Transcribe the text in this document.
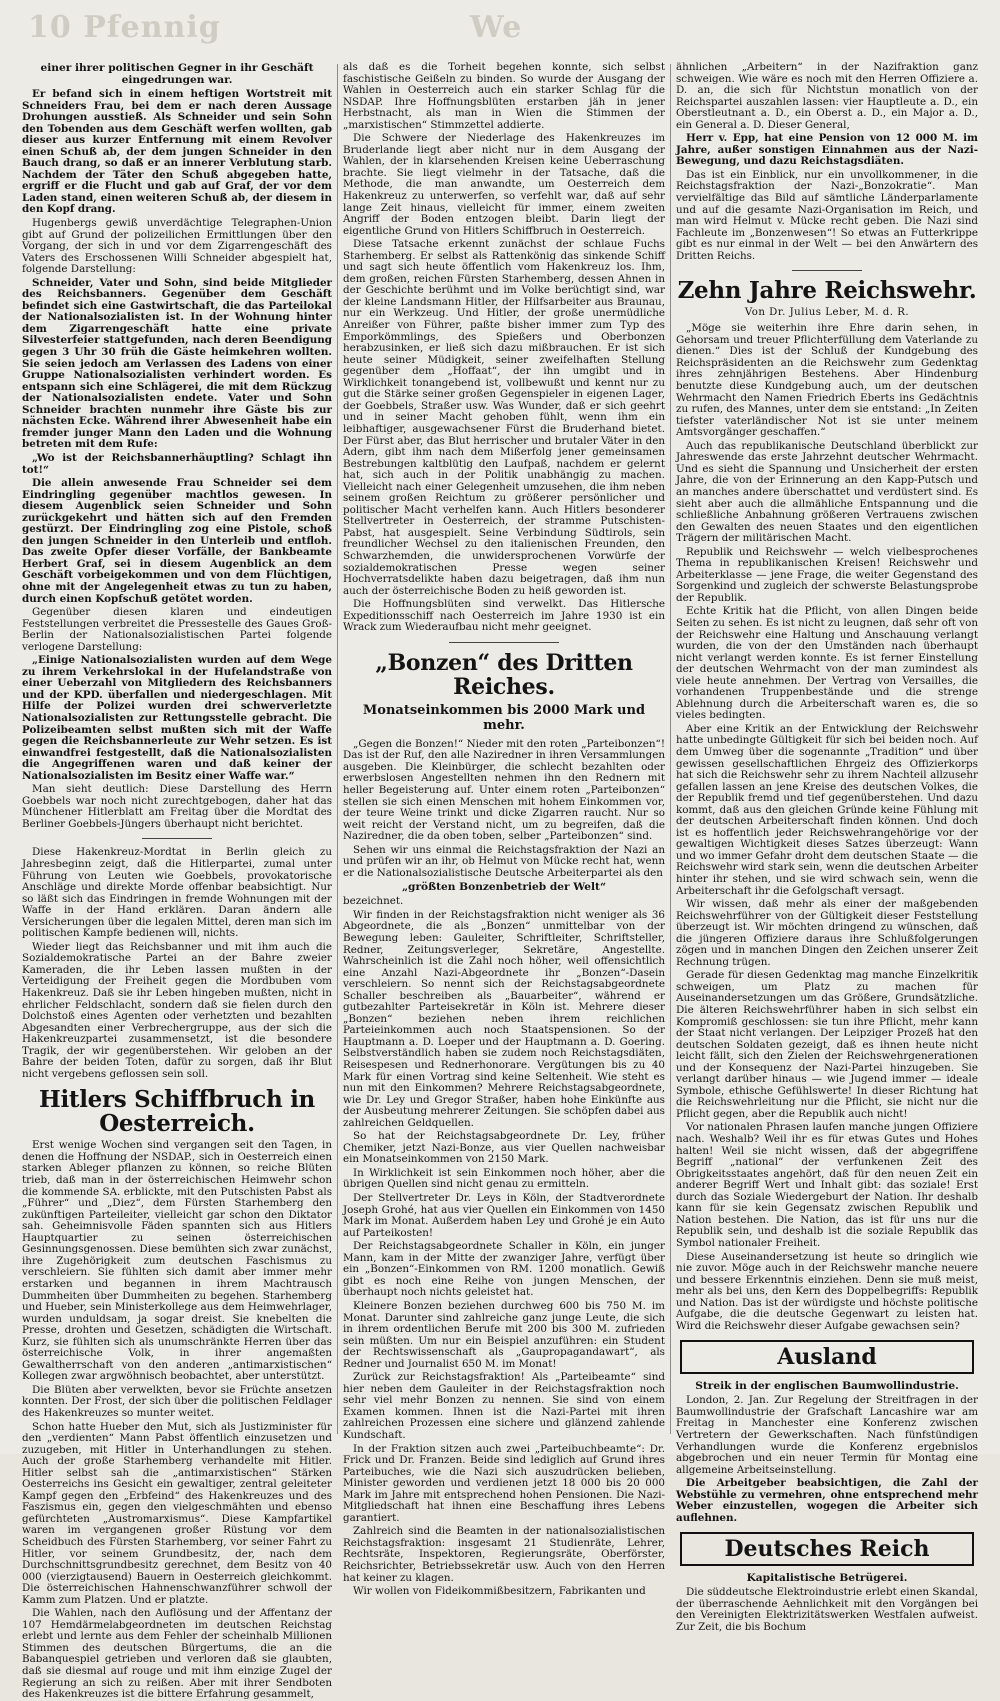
10 Pfennig	We
einer ihrer politischen Gegner in ihr Geschäft eingedrungen war.

Er befand sich in einem heftigen Wortstreit mit Schneiders Frau, bei dem er nach deren Aussage Drohungen ausstieß. Als Schneider und sein Sohn den Tobenden aus dem Geschäft werfen wollten, gab dieser aus kurzer Entfernung mit einem Revolver einen Schuß ab, der dem jungen Schneider in den Bauch drang, so daß er an innerer Verblutung starb. Nachdem der Täter den Schuß abgegeben hatte, ergriff er die Flucht und gab auf Graf, der vor dem Laden stand, einen weiteren Schuß ab, der diesem in den Kopf drang.

Hugenbergs gewiß unverdächtige Telegraphen-Union gibt auf Grund der polizeilichen Ermittlungen über den Vorgang, der sich in und vor dem Zigarrengeschäft des Vaters des Erschossenen Willi Schneider abgespielt hat, folgende Darstellung:

Schneider, Vater und Sohn, sind beide Mitglieder des Reichsbanners. Gegenüber dem Geschäft befindet sich eine Gastwirtschaft, die das Parteilokal der Nationalsozialisten ist. In der Wohnung hinter dem Zigarrengeschäft hatte eine private Silvesterfeier stattgefunden, nach deren Beendigung gegen 3 Uhr 30 früh die Gäste heimkehren wollten. Sie seien jedoch am Verlassen des Ladens von einer Gruppe Nationalsozialisten verhindert worden. Es entspann sich eine Schlägerei, die mit dem Rückzug der Nationalsozialisten endete. Vater und Sohn Schneider brachten nunmehr ihre Gäste bis zur nächsten Ecke. Während ihrer Abwesenheit habe ein fremder junger Mann den Laden und die Wohnung betreten mit dem Rufe:

„Wo ist der Reichsbannerhäuptling? Schlagt ihn tot!“

Die allein anwesende Frau Schneider sei dem Eindringling gegenüber machtlos gewesen. In diesem Augenblick seien Schneider und Sohn zurückgekehrt und hätten sich auf den Fremden gestürzt. Der Eindringling zog eine Pistole, schoß den jungen Schneider in den Unterleib und entfloh. Das zweite Opfer dieser Vorfälle, der Bankbeamte Herbert Graf, sei in diesem Augenblick an dem Geschäft vorbeigekommen und von dem Flüchtigen, ohne mit der Angelegenheit etwas zu tun zu haben, durch einen Kopfschuß getötet worden.

Gegenüber diesen klaren und eindeutigen Feststellungen verbreitet die Pressestelle des Gaues Groß-Berlin der Nationalsozialistischen Partei folgende verlogene Darstellung:

„Einige Nationalsozialisten wurden auf dem Wege zu ihrem Verkehrslokal in der Hufelandstraße von einer Ueberzahl von Mitgliedern des Reichsbanners und der KPD. überfallen und niedergeschlagen. Mit Hilfe der Polizei wurden drei schwerverletzte Nationalsozialisten zur Rettungsstelle gebracht. Die Polizeibeamten selbst mußten sich mit der Waffe gegen die Reichsbannerleute zur Wehr setzen. Es ist einwandfrei festgestellt, daß die Nationalsozialisten die Angegriffenen waren und daß keiner der Nationalsozialisten im Besitz einer Waffe war.“

Man sieht deutlich: Diese Darstellung des Herrn Goebbels war noch nicht zurechtgebogen, daher hat das Münchener Hitlerblatt am Freitag über die Mordtat des Berliner Goebbels-Jüngers überhaupt nicht berichtet.

Diese Hakenkreuz-Mordtat in Berlin gleich zu Jahresbeginn zeigt, daß die Hitlerpartei, zumal unter Führung von Leuten wie Goebbels, provokatorische Anschläge und direkte Morde offenbar beabsichtigt. Nur so läßt sich das Eindringen in fremde Wohnungen mit der Waffe in der Hand erklären. Daran ändern alle Versicherungen über die legalen Mittel, deren man sich im politischen Kampfe bedienen will, nichts.

Wieder liegt das Reichsbanner und mit ihm auch die Sozialdemokratische Partei an der Bahre zweier Kameraden, die ihr Leben lassen mußten in der Verteidigung der Freiheit gegen die Mordbuben vom Hakenkreuz. Daß sie ihr Leben hingeben mußten, nicht in ehrlicher Feldschlacht, sondern daß sie fielen durch den Dolchstoß eines Agenten oder verhetzten und bezahlten Abgesandten einer Verbrechergruppe, aus der sich die Hakenkreuzpartei zusammensetzt, ist die besondere Tragik, der wir gegenüberstehen. Wir geloben an der Bahre der beiden Toten, dafür zu sorgen, daß ihr Blut nicht vergebens geflossen sein soll.

Hitlers Schiffbruch in Oesterreich.

Erst wenige Wochen sind vergangen seit den Tagen, in denen die Hoffnung der NSDAP., sich in Oesterreich einen starken Ableger pflanzen zu können, so reiche Blüten trieb, daß man in der österreichischen Heimwehr schon die kommende SA. erblickte, mit den Putschisten Pabst als „Führer“ und „Diez“, dem Fürsten Starhemberg den zukünftigen Parteileiter, vielleicht gar schon den Diktator sah. Geheimnisvolle Fäden spannten sich aus Hitlers Hauptquartier zu seinen österreichischen Gesinnungsgenossen. Diese bemühten sich zwar zunächst, ihre Zugehörigkeit zum deutschen Faschismus zu verschleiern. Sie fühlten sich damit aber immer mehr erstarken und begannen in ihrem Machtrausch Dummheiten über Dummheiten zu begehen. Starhemberg und Hueber, sein Ministerkollege aus dem Heimwehrlager, wurden unduldsam, ja sogar dreist. Sie knebelten die Presse, drohten und Gesetzen, schädigten die Wirtschaft. Kurz, sie fühlten sich als unumschränkte Herren über das österreichische Volk, in ihrer angemaßten Gewaltherrschaft von den anderen „antimarxistischen“ Kollegen zwar argwöhnisch beobachtet, aber unterstützt.

Die Blüten aber verwelkten, bevor sie Früchte ansetzen konnten. Der Frost, der sich über die politischen Feldlager des Hakenkreuzes so munter weitet.

Schon hatte Hueber den Mut, sich als Justizminister für den „verdienten“ Mann Pabst öffentlich einzusetzen und zuzugeben, mit Hitler in Unterhandlungen zu stehen. Auch der große Starhemberg verhandelte mit Hitler. Hitler selbst sah die „antimarxistischen“ Stärken Oesterreichs ins Gesicht ein gewaltiger, zentral geleiteter Kampf gegen den „Erbfeind“ des Hakenkreuzes und des Faszismus ein, gegen den vielgeschmähten und ebenso gefürchteten „Austromarxismus“. Diese Kampfartikel waren im vergangenen großer Rüstung vor dem Scheidbuch des Fürsten Starhemberg, vor seiner Fahrt zu Hitler, vor seinem Grundbesitz, der, nach dem Durchschnittsgrundbesitz gerechnet, dem Besitz von 40 000 (vierzigtausend) Bauern in Oesterreich gleichkommt. Die österreichischen Hahnenschwanzführer schwoll der Kamm zum Platzen. Und er platzte.

Die Wahlen, nach den Auflösung und der Affentanz der 107 Hemdärmelabgeordneten im deutschen Reichstag erlebt und lernte aus dem Fehler der scheinhalb Millionen Stimmen des deutschen Bürgertums, die an die Babanquespiel getrieben und verloren daß sie glaubten, daß sie diesmal auf rouge und mit ihm einzige Zugel der Regierung an sich zu reißen. Aber mit ihrer Sendboten des Hakenkreuzes ist die bittere Erfahrung gesammelt,

als daß es die Torheit begehen konnte, sich selbst faschistische Geißeln zu binden. So wurde der Ausgang der Wahlen in Oesterreich auch ein starker Schlag für die NSDAP. Ihre Hoffnungsblüten erstarben jäh in jener Herbstnacht, als man in Wien die Stimmen der „marxistischen“ Stimmzettel addierte.

Die Schwere der Niederlage des Hakenkreuzes im Bruderlande liegt aber nicht nur in dem Ausgang der Wahlen, der in klarsehenden Kreisen keine Ueberraschung brachte. Sie liegt vielmehr in der Tatsache, daß die Methode, die man anwandte, um Oesterreich dem Hakenkreuz zu unterwerfen, so verfehlt war, daß auf sehr lange Zeit hinaus, vielleicht für immer, einem zweiten Angriff der Boden entzogen bleibt. Darin liegt der eigentliche Grund von Hitlers Schiffbruch in Oesterreich.

Diese Tatsache erkennt zunächst der schlaue Fuchs Starhemberg. Er selbst als Rattenkönig das sinkende Schiff und sagt sich heute öffentlich vom Hakenkreuz los. Ihm, dem großen, reichen Fürsten Starhemberg, dessen Ahnen in der Geschichte berühmt und im Volke berüchtigt sind, war der kleine Landsmann Hitler, der Hilfsarbeiter aus Braunau, nur ein Werkzeug. Und Hitler, der große unermüdliche Anreißer von Führer, paßte bisher immer zum Typ des Emporkömmlings, des Spießers und Oberbonzen herabzusinken, er ließ sich dazu mißbrauchen. Er ist sich heute seiner Müdigkeit, seiner zweifelhaften Stellung gegenüber dem „Hoffaat“, der ihn umgibt und in Wirklichkeit tonangebend ist, vollbewußt und kennt nur zu gut die Stärke seiner großen Gegenspieler in eigenen Lager, der Goebbels, Straßer usw. Was Wunder, daß er sich geehrt und in seiner Macht gehoben fühlt, wenn ihm ein leibhaftiger, ausgewachsener Fürst die Bruderhand bietet. Der Fürst aber, das Blut herrischer und brutaler Väter in den Adern, gibt ihm nach dem Mißerfolg jener gemeinsamen Bestrebungen kaltblütig den Laufpaß, nachdem er gelernt hat, sich auch in der Politik unabhängig zu machen. Vielleicht nach einer Gelegenheit umzusehen, die ihm neben seinem großen Reichtum zu größerer persönlicher und politischer Macht verhelfen kann. Auch Hitlers besonderer Stellvertreter in Oesterreich, der stramme Putschisten-Pabst, hat ausgespielt. Seine Verbindung Südtirols, sein freundlicher Wechsel zu den italienischen Freunden, den Schwarzhemden, die unwidersprochenen Vorwürfe der sozialdemokratischen Presse wegen seiner Hochverratsdelikte haben dazu beigetragen, daß ihm nun auch der österreichische Boden zu heiß geworden ist.

Die Hoffnungsblüten sind verwelkt. Das Hitlersche Expeditionsschiff nach Oesterreich im Jahre 1930 ist ein Wrack zum Wiederaufbau nicht mehr geeignet.

„Bonzen“ des Dritten Reiches.
Monatseinkommen bis 2000 Mark und mehr.

„Gegen die Bonzen!“ Nieder mit den roten „Parteibonzen“! Das ist der Ruf, den alle Naziredner in ihren Versammlungen ausgeben. Die Kleinbürger, die schlecht bezahlten oder erwerbslosen Angestellten nehmen ihn den Rednern mit heller Begeisterung auf. Unter einem roten „Parteibonzen“ stellen sie sich einen Menschen mit hohem Einkommen vor, der teure Weine trinkt und dicke Zigarren raucht. Nur so weit reicht der Verstand nicht, um zu begreifen, daß die Naziredner, die da oben toben, selber „Parteibonzen“ sind.

Sehen wir uns einmal die Reichstagsfraktion der Nazi an und prüfen wir an ihr, ob Helmut von Mücke recht hat, wenn er die Nationalsozialistische Deutsche Arbeiterpartei als den

„größten Bonzenbetrieb der Welt“

bezeichnet.

Wir finden in der Reichstagsfraktion nicht weniger als 36 Abgeordnete, die als „Bonzen“ unmittelbar von der Bewegung leben: Gauleiter, Schriftleiter, Schriftsteller, Redner, Zeitungsverleger, Sekretäre, Angestellte. Wahrscheinlich ist die Zahl noch höher, weil offensichtlich eine Anzahl Nazi-Abgeordnete ihr „Bonzen“-Dasein verschleiern. So nennt sich der Reichstagsabgeordnete Schaller beschreiben als „Bauarbeiter“, während er gutbezahlter Parteisekretär in Köln ist. Mehrere dieser „Bonzen“ beziehen neben ihrem reichlichen Parteieinkommen auch noch Staatspensionen. So der Hauptmann a. D. Loeper und der Hauptmann a. D. Goering. Selbstverständlich haben sie zudem noch Reichstagsdiäten, Reisespesen und Rednerhonorare. Vergütungen bis zu 40 Mark für einen Vortrag sind keine Seltenheit. Wie steht es nun mit den Einkommen? Mehrere Reichstagsabgeordnete, wie Dr. Ley und Gregor Straßer, haben hohe Einkünfte aus der Ausbeutung mehrerer Zeitungen. Sie schöpfen dabei aus zahlreichen Geldquellen.

So hat der Reichstagsabgeordnete Dr. Ley, früher Chemiker, jetzt Nazi-Bonze, aus vier Quellen nachweisbar ein Monatseinkommen von 2150 Mark.

In Wirklichkeit ist sein Einkommen noch höher, aber die übrigen Quellen sind nicht genau zu ermitteln.

Der Stellvertreter Dr. Leys in Köln, der Stadtverordnete Joseph Grohé, hat aus vier Quellen ein Einkommen von 1450 Mark im Monat. Außerdem haben Ley und Grohé je ein Auto auf Parteikosten!

Der Reichstagsabgeordnete Schaller in Köln, ein junger Mann, kam in der Mitte der zwanziger Jahre, verfügt über ein „Bonzen“-Einkommen von RM. 1200 monatlich. Gewiß gibt es noch eine Reihe von jungen Menschen, der überhaupt noch nichts geleistet hat.

Kleinere Bonzen beziehen durchweg 600 bis 750 M. im Monat. Darunter sind zahlreiche ganz junge Leute, die sich in ihrem ordentlichen Berufe mit 200 bis 300 M. zufrieden sein müßten. Um nur ein Beispiel anzuführen: ein Student der Rechtswissenschaft als „Gaupropagandawart“, als Redner und Journalist 650 M. im Monat!

Zurück zur Reichstagsfraktion! Als „Parteibeamte“ sind hier neben dem Gauleiter in der Reichstagsfraktion noch sehr viel mehr Bonzen zu nennen. Sie sind von einem Examen kommen. Ihnen ist die Nazi-Partei mit ihren zahlreichen Prozessen eine sichere und glänzend zahlende Kundschaft.

In der Fraktion sitzen auch zwei „Parteibuchbeamte“: Dr. Frick und Dr. Franzen. Beide sind lediglich auf Grund ihres Parteibuches, wie die Nazi sich auszudrücken belieben, Minister geworden und verdienen jetzt 18 000 bis 20 000 Mark im Jahre mit entsprechend hohen Pensionen. Die Nazi-Mitgliedschaft hat ihnen eine Beschaffung ihres Lebens garantiert.

Zahlreich sind die Beamten in der nationalsozialistischen Reichstagsfraktion: insgesamt 21 Studienräte, Lehrer, Rechtsräte, Inspektoren, Regierungsräte, Oberförster, Reichsrichter, Betriebssekretär usw. Auch von den Herren hat keiner zu klagen.

Wir wollen von Fideikommißbesitzern, Fabrikanten und

ähnlichen „Arbeitern“ in der Nazifraktion ganz schweigen. Wie wäre es noch mit den Herren Offiziere a. D. an, die sich für Nichtstun monatlich von der Reichspartei auszahlen lassen: vier Hauptleute a. D., ein Oberstleutnant a. D., ein Oberst a. D., ein Major a. D., ein General a. D. Dieser General,

Herr v. Epp, hat eine Pension von 12 000 M. im Jahre, außer sonstigen Einnahmen aus der Nazi-Bewegung, und dazu Reichstagsdiäten.

Das ist ein Einblick, nur ein unvollkommener, in die Reichstagsfraktion der Nazi-„Bonzokratie“. Man vervielfältige das Bild auf sämtliche Länderparlamente und auf die gesamte Nazi-Organisation im Reich, und man wird Helmut v. Mücke recht geben. Die Nazi sind Fachleute im „Bonzenwesen“! So etwas an Futterkrippe gibt es nur einmal in der Welt — bei den Anwärtern des Dritten Reichs.

Zehn Jahre Reichswehr.
Von Dr. Julius Leber, M. d. R.

„Möge sie weiterhin ihre Ehre darin sehen, in Gehorsam und treuer Pflichterfüllung dem Vaterlande zu dienen.“ Dies ist der Schluß der Kundgebung des Reichspräsidenten an die Reichswehr zum Gedenktag ihres zehnjährigen Bestehens. Aber Hindenburg benutzte diese Kundgebung auch, um der deutschen Wehrmacht den Namen Friedrich Eberts ins Gedächtnis zu rufen, des Mannes, unter dem sie entstand: „In Zeiten tiefster vaterländischer Not ist sie unter meinem Amtsvorgänger geschaffen.“

Auch das republikanische Deutschland überblickt zur Jahreswende das erste Jahrzehnt deutscher Wehrmacht. Und es sieht die Spannung und Unsicherheit der ersten Jahre, die von der Erinnerung an den Kapp-Putsch und an manches andere überschattet und verdüstert sind. Es sieht aber auch die allmähliche Entspannung und die schließliche Anbahnung größeren Vertrauens zwischen den Gewalten des neuen Staates und den eigentlichen Trägern der militärischen Macht.

Republik und Reichswehr — welch vielbesprochenes Thema in republikanischen Kreisen! Reichswehr und Arbeiterklasse — jene Frage, die weiter Gegenstand des Sorgenkind und zugleich der schwerste Belastungsprobe der Republik.

Echte Kritik hat die Pflicht, von allen Dingen beide Seiten zu sehen. Es ist nicht zu leugnen, daß sehr oft von der Reichswehr eine Haltung und Anschauung verlangt wurden, die von der den Umständen nach überhaupt nicht verlangt werden konnte. Es ist ferner Einstellung der deutschen Wehrmacht von der man zumindest als viele heute annehmen. Der Vertrag von Versailles, die vorhandenen Truppenbestände und die strenge Ablehnung durch die Arbeiterschaft waren es, die so vieles bedingten.

Aber eine Kritik an der Entwicklung der Reichswehr hatte unbedingte Gültigkeit für sich bei beiden noch. Auf dem Umweg über die sogenannte „Tradition“ und über gewissen gesellschaftlichen Ehrgeiz des Offizierkorps hat sich die Reichswehr sehr zu ihrem Nachteil allzusehr gefallen lassen an jene Kreise des deutschen Volkes, die der Republik fremd und tief gegenüberstehen. Und dazu kommt, daß aus den gleichen Gründe keine Fühlung mit der deutschen Arbeiterschaft finden können. Und doch ist es hoffentlich jeder Reichswehrangehörige vor der gewaltigen Wichtigkeit dieses Satzes überzeugt: Wann und wo immer Gefahr droht dem deutschen Staate — die Reichswehr wird stark sein, wenn die deutschen Arbeiter hinter ihr stehen, und sie wird schwach sein, wenn die Arbeiterschaft ihr die Gefolgschaft versagt.

Wir wissen, daß mehr als einer der maßgebenden Reichswehrführer von der Gültigkeit dieser Feststellung überzeugt ist. Wir möchten dringend zu wünschen, daß die jüngeren Offiziere daraus ihre Schlußfolgerungen zögen und in manchen Dingen den Zeichen unserer Zeit Rechnung trügen.

Gerade für diesen Gedenktag mag manche Einzelkritik schweigen, um Platz zu machen für Auseinandersetzungen um das Größere, Grundsätzliche. Die älteren Reichswehrführer haben in sich selbst ein Kompromiß geschlossen: sie tun ihre Pflicht, mehr kann der Staat nicht verlangen. Der Leipziger Prozeß hat den deutschen Soldaten gezeigt, daß es ihnen heute nicht leicht fällt, sich den Zielen der Reichswehrgenerationen und der Konsequenz der Nazi-Partei hinzugeben. Sie verlangt darüber hinaus — wie Jugend immer — ideale Symbole, ethische Gefühlswerte! In dieser Richtung hat die Reichswehrleitung nur die Pflicht, sie nicht nur die Pflicht gegen, aber die Republik auch nicht!

Vor nationalen Phrasen laufen manche jungen Offiziere nach. Weshalb? Weil ihr es für etwas Gutes und Hohes halten! Weil sie nicht wissen, daß der abgegriffene Begriff „national“ der verfunkenen Zeit des Obrigkeitsstaates angehört, daß für den neuen Zeit ein anderer Begriff Wert und Inhalt gibt: das soziale! Erst durch das Soziale Wiedergeburt der Nation. Ihr deshalb kann für sie kein Gegensatz zwischen Republik und Nation bestehen. Die Nation, das ist für uns nur die Republik sein, und deshalb ist die soziale Republik das Symbol nationaler Freiheit.

Diese Auseinandersetzung ist heute so dringlich wie nie zuvor. Möge auch in der Reichswehr manche neuere und bessere Erkenntnis einziehen. Denn sie muß meist, mehr als bei uns, den Kern des Doppelbegriffs: Republik und Nation. Das ist der würdigste und höchste politische Aufgabe, die die deutsche Gegenwart zu leisten hat. Wird die Reichswehr dieser Aufgabe gewachsen sein?

Ausland
Streik in der englischen Baumwollindustrie.

London, 2. Jan. Zur Regelung der Streitfragen in der Baumwollindustrie der Grafschaft Lancashire war am Freitag in Manchester eine Konferenz zwischen Vertretern der Gewerkschaften. Nach fünfstündigen Verhandlungen wurde die Konferenz ergebnislos abgebrochen und ein neuer Termin für Montag eine allgemeine Arbeitseinstellung.

Die Arbeitgeber beabsichtigen, die Zahl der Webstühle zu vermehren, ohne entsprechend mehr Weber einzustellen, wogegen die Arbeiter sich auflehnen.

Deutsches Reich
Kapitalistische Betrügerei.

Die süddeutsche Elektroindustrie erlebt einen Skandal, der überraschende Aehnlichkeit mit den Vorgängen bei den Vereinigten Elektrizitätswerken Westfalen aufweist. Zur Zeit, die bis Bochum
